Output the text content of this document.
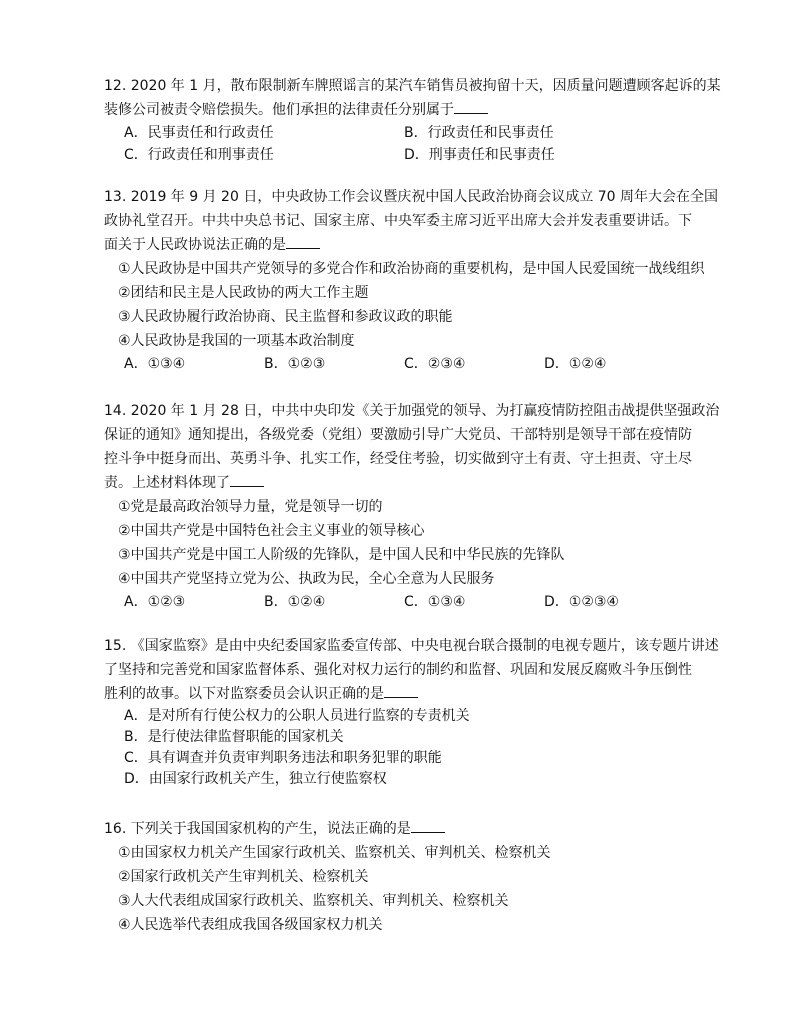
12. 2020 年 1 月，散布限制新车牌照谣言的某汽车销售员被拘留十天，因质量问题遭顾客起诉的某
装修公司被责令赔偿损失。他们承担的法律责任分别属于

A．民事责任和行政责任	B．行政责任和民事责任
C．行政责任和刑事责任	D．刑事责任和民事责任

13. 2019 年 9 月 20 日，中央政协工作会议暨庆祝中国人民政治协商会议成立 70 周年大会在全国
政协礼堂召开。中共中央总书记、国家主席、中央军委主席习近平出席大会并发表重要讲话。下
面关于人民政协说法正确的是

①人民政协是中国共产党领导的多党合作和政治协商的重要机构，是中国人民爱国统一战线组织
②团结和民主是人民政协的两大工作主题
③人民政协履行政治协商、民主监督和参政议政的职能
④人民政协是我国的一项基本政治制度
A．①③④	B．①②③	C．②③④	D．①②④

14. 2020 年 1 月 28 日，中共中央印发《关于加强党的领导、为打赢疫情防控阻击战提供坚强政治
保证的通知》通知提出，各级党委（党组）要激励引导广大党员、干部特别是领导干部在疫情防
控斗争中挺身而出、英勇斗争、扎实工作，经受住考验，切实做到守土有责、守土担责、守土尽
责。上述材料体现了

①党是最高政治领导力量，党是领导一切的
②中国共产党是中国特色社会主义事业的领导核心
③中国共产党是中国工人阶级的先锋队，是中国人民和中华民族的先锋队
④中国共产党坚持立党为公、执政为民，全心全意为人民服务
A．①②③	B．①②④	C．①③④	D．①②③④

15. 《国家监察》是由中央纪委国家监委宣传部、中央电视台联合摄制的电视专题片，该专题片讲述
了坚持和完善党和国家监督体系、强化对权力运行的制约和监督、巩固和发展反腐败斗争压倒性
胜利的故事。以下对监察委员会认识正确的是

A．是对所有行使公权力的公职人员进行监察的专责机关
B．是行使法律监督职能的国家机关
C．具有调查并负责审判职务违法和职务犯罪的职能
D．由国家行政机关产生，独立行使监察权

16. 下列关于我国国家机构的产生，说法正确的是

①由国家权力机关产生国家行政机关、监察机关、审判机关、检察机关
②国家行政机关产生审判机关、检察机关
③人大代表组成国家行政机关、监察机关、审判机关、检察机关
④人民选举代表组成我国各级国家权力机关
